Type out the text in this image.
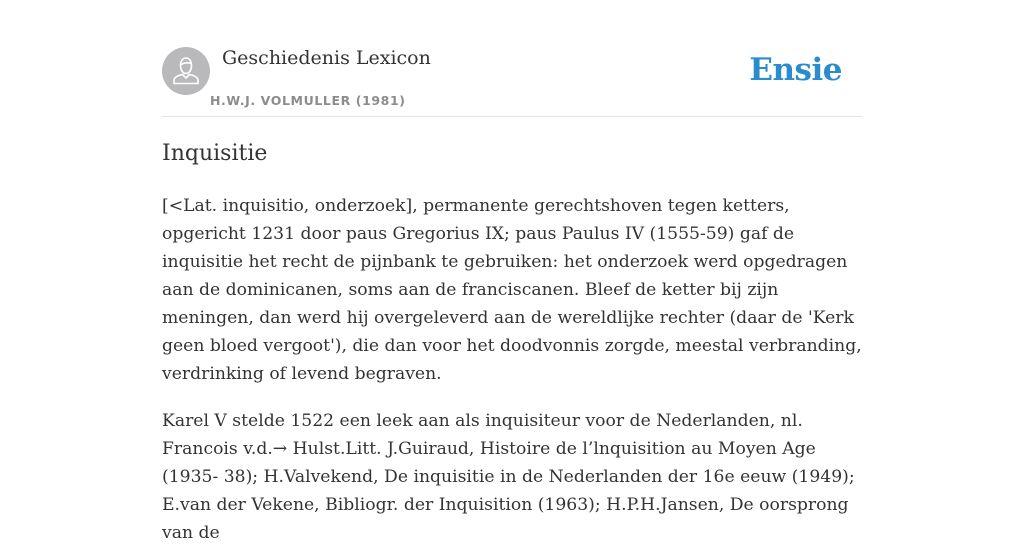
Geschiedenis Lexicon
H.W.J. VOLMULLER (1981)
Ensie
Inquisitie

[<Lat. inquisitio, onderzoek], permanente gerechtshoven tegen ketters, opgericht 1231 door paus Gregorius IX; paus Paulus IV (1555-59) gaf de inquisitie het recht de pijnbank te gebruiken: het onderzoek werd opgedragen aan de dominicanen, soms aan de franciscanen. Bleef de ketter bij zijn meningen, dan werd hij overgeleverd aan de wereldlijke rechter (daar de 'Kerk geen bloed vergoot'), die dan voor het doodvonnis zorgde, meestal verbranding, verdrinking of levend begraven.

Karel V stelde 1522 een leek aan als inquisiteur voor de Nederlanden, nl. Francois v.d.→ Hulst.Litt. J.Guiraud, Histoire de l’lnquisition au Moyen Age (1935- 38); H.Valvekend, De inquisitie in de Nederlanden der 16e eeuw (1949); E.van der Vekene, Bibliogr. der Inquisition (1963); H.P.H.Jansen, De oorsprong van de
